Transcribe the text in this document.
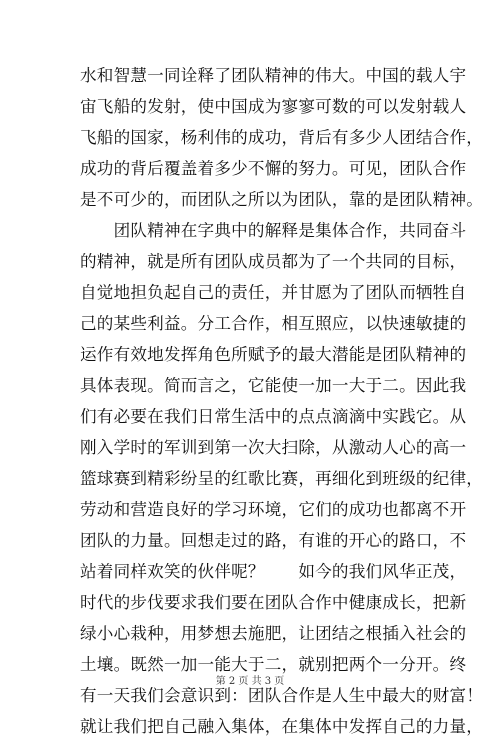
水和智慧一同诠释了团队精神的伟大。中国的载人宇
宙飞船的发射，使中国成为寥寥可数的可以发射载人
飞船的国家，杨利伟的成功，背后有多少人团结合作，
成功的背后覆盖着多少不懈的努力。可见，团队合作
是不可少的，而团队之所以为团队，靠的是团队精神。
　　团队精神在字典中的解释是集体合作，共同奋斗
的精神，就是所有团队成员都为了一个共同的目标，
自觉地担负起自己的责任，并甘愿为了团队而牺牲自
己的某些利益。分工合作，相互照应，以快速敏捷的
运作有效地发挥角色所赋予的最大潜能是团队精神的
具体表现。简而言之，它能使一加一大于二。因此我
们有必要在我们日常生活中的点点滴滴中实践它。从
刚入学时的军训到第一次大扫除，从激动人心的高一
篮球赛到精彩纷呈的红歌比赛，再细化到班级的纪律，
劳动和营造良好的学习环境，它们的成功也都离不开
团队的力量。回想走过的路，有谁的开心的路口，不
站着同样欢笑的伙伴呢？　　如今的我们风华正茂，
时代的步伐要求我们要在团队合作中健康成长，把新
绿小心栽种，用梦想去施肥，让团结之根插入社会的
土壤。既然一加一能大于二，就别把两个一分开。终
有一天我们会意识到：团队合作是人生中最大的财富！
就让我们把自己融入集体，在集体中发挥自己的力量，
第 2 页 共 3 页
